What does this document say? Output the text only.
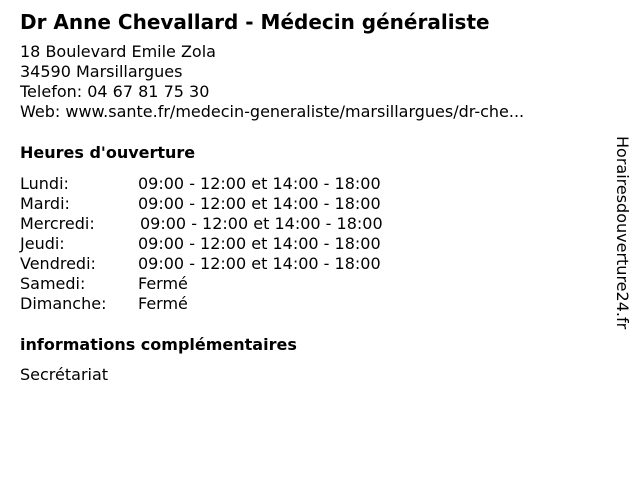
Dr Anne Chevallard - Médecin généraliste
18 Boulevard Emile Zola
34590 Marsillargues
Telefon: 04 67 81 75 30
Web: www.sante.fr/medecin-generaliste/marsillargues/dr-che...
Heures d'ouverture
Lundi:	09:00 - 12:00 et 14:00 - 18:00
Mardi:	09:00 - 12:00 et 14:00 - 18:00
Mercredi:	09:00 - 12:00 et 14:00 - 18:00
Jeudi:	09:00 - 12:00 et 14:00 - 18:00
Vendredi:	09:00 - 12:00 et 14:00 - 18:00
Samedi:	Fermé
Dimanche: Fermé
informations complémentaires
Secrétariat
Horairesdouverture24.fr
